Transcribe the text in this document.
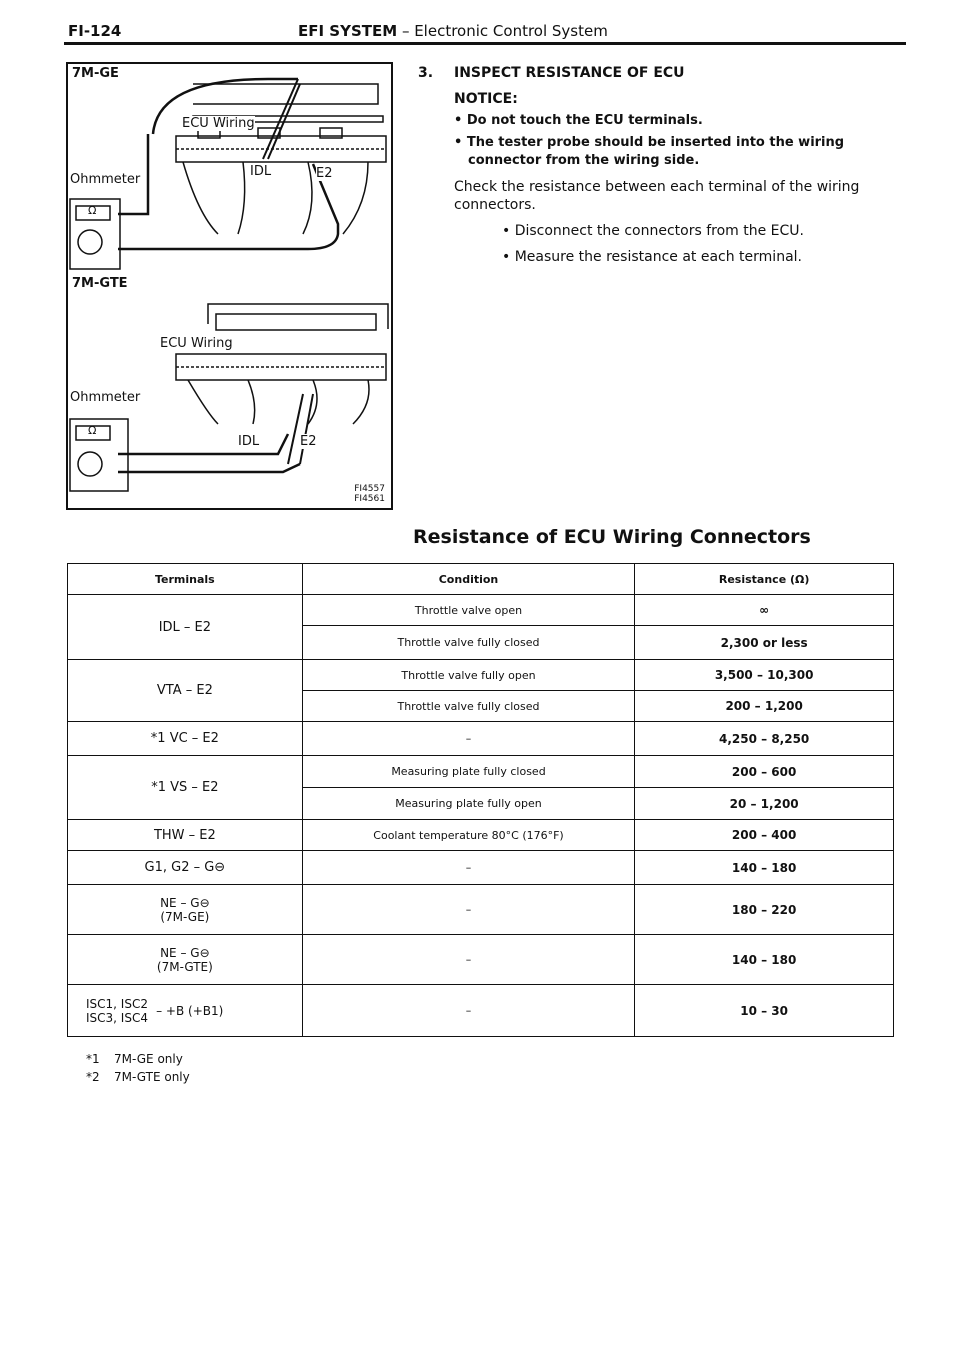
FI-124	EFI SYSTEM – Electronic Control System
7M-GE
ECU Wiring
Ohmmeter
IDL	E2
Ω
7M-GTE
ECU Wiring
Ohmmeter
IDL	E2
Ω
FI4557
FI4561
3. INSPECT RESISTANCE OF ECU
NOTICE:
• Do not touch the ECU terminals.
• The tester probe should be inserted into the wiring connector from the wiring side.
Check the resistance between each terminal of the wiring connectors.
• Disconnect the connectors from the ECU.
• Measure the resistance at each terminal.
Resistance of ECU Wiring Connectors
Terminals	Condition	Resistance (Ω)
IDL – E2	Throttle valve open	∞
	Throttle valve fully closed	2,300 or less
VTA – E2	Throttle valve fully open	3,500 – 10,300
	Throttle valve fully closed	200 – 1,200
*1 VC – E2	–	4,250 – 8,250
*1 VS – E2	Measuring plate fully closed	200 – 600
	Measuring plate fully open	20 – 1,200
THW – E2	Coolant temperature 80°C (176°F)	200 – 400
G1, G2 – G⊖	–	140 – 180

NE – G⊖
(7M-GE)	–	180 – 220

NE – G⊖
(7M-GTE)	–	140 – 180

ISC1, ISC2
ISC3, ISC4 – +B (+B1)	–	10 – 30
*1 7M-GE only
*2 7M-GTE only
